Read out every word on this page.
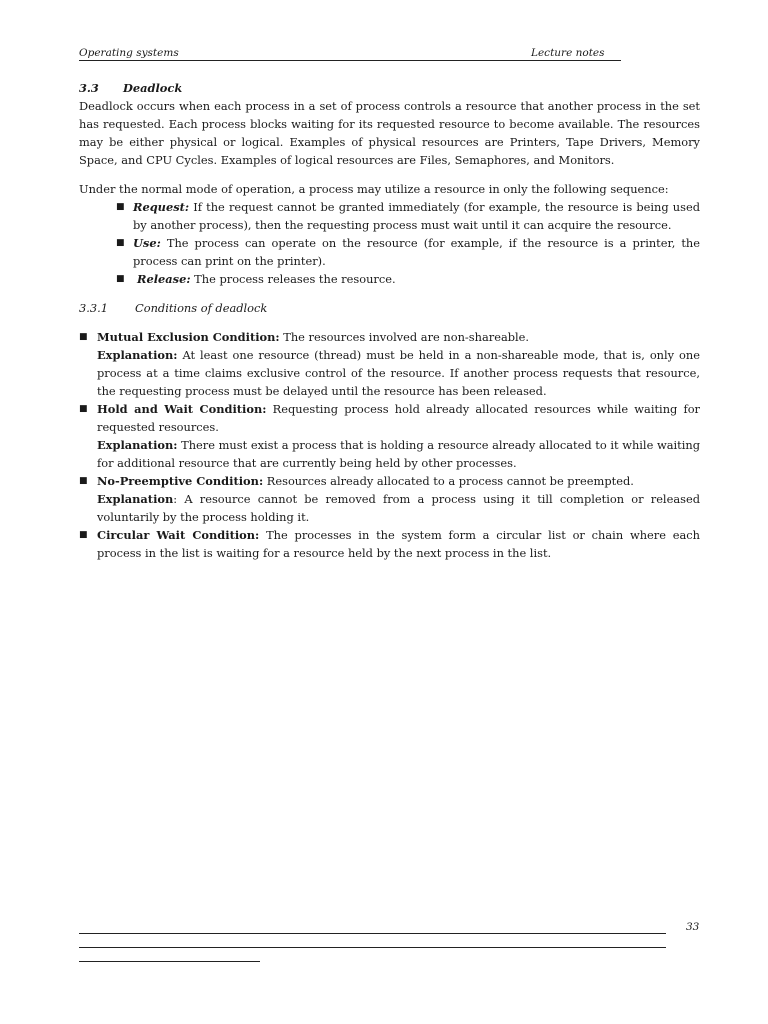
Operating systems	Lecture notes

3.3 Deadlock

Deadlock occurs when each process in a set of process controls a resource that another process in the set has requested. Each process blocks waiting for its requested resource to become available. The resources may be either physical or logical. Examples of physical resources are Printers, Tape Drivers, Memory Space, and CPU Cycles. Examples of logical resources are Files, Semaphores, and Monitors.

Under the normal mode of operation, a process may utilize a resource in only the following sequence:

■ Request: If the request cannot be granted immediately (for example, the resource is being used by another process), then the requesting process must wait until it can acquire the resource.
■ Use: The process can operate on the resource (for example, if the resource is a printer, the process can print on the printer).
■ Release: The process releases the resource.

3.3.1 Conditions of deadlock

■ Mutual Exclusion Condition: The resources involved are non-shareable.
Explanation: At least one resource (thread) must be held in a non-shareable mode, that is, only one process at a time claims exclusive control of the resource. If another process requests that resource, the requesting process must be delayed until the resource has been released.
■ Hold and Wait Condition: Requesting process hold already allocated resources while waiting for requested resources.
Explanation: There must exist a process that is holding a resource already allocated to it while waiting for additional resource that are currently being held by other processes.
■ No-Preemptive Condition: Resources already allocated to a process cannot be preempted.
Explanation: A resource cannot be removed from a process using it till completion or released voluntarily by the process holding it.
■ Circular Wait Condition: The processes in the system form a circular list or chain where each process in the list is waiting for a resource held by the next process in the list.
33
